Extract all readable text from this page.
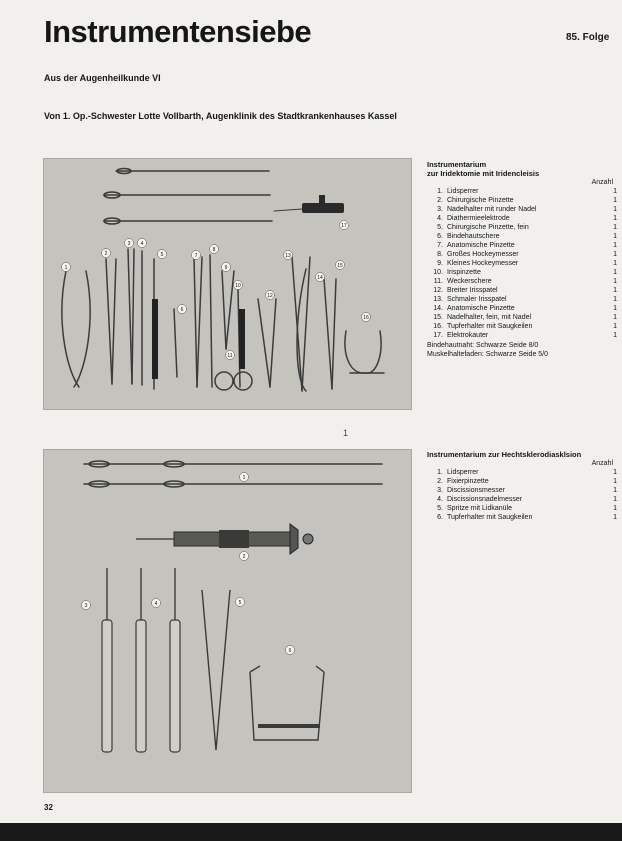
Instrumentensiebe	85. Folge
Aus der Augenheilkunde VI
Von 1. Op.-Schwester Lotte Vollbarth, Augenklinik des Stadtkrankenhauses Kassel
1
2
3 4
5
6
7
8
9
10
11
12
13
14
15
16
17
1
1
2
3	4	5
6
Instrumentarium
zur Iridektomie mit Iridencleisis
Anzahl
1. Lidsperrer	1
2. Chirurgische Pinzette	1
3. Nadelhalter mit runder Nadel	1
4. Diathermieelektrode	1
5. Chirurgische Pinzette, fein	1
6. Bindehautschere	1
7. Anatomische Pinzette	1
8. Großes Hockeymesser	1
9. Kleines Hockeymesser	1
10. Irispinzette	1
11. Weckerschere	1
12. Breiter Irisspatel	1
13. Schmaler Irisspatel	1
14. Anatomische Pinzette	1
15. Nadelhalter, fein, mit Nadel	1
16. Tupferhalter mit Saugkeilen	1
17. Elektrokauter	1
Bindehautnaht: Schwarze Seide 8/0
Muskelhaltefaden: Schwarze Seide 5/0
Instrumentarium zur Hechtsklerodiasklsion
Anzahl
1. Lidsperrer	1
2. Fixierpinzette	1
3. Discissionsmesser	1
4. Discissionsnadelmesser	1
5. Spritze mit Lidkanüle	1
6. Tupferhalter mit Saugkeilen	1
32
